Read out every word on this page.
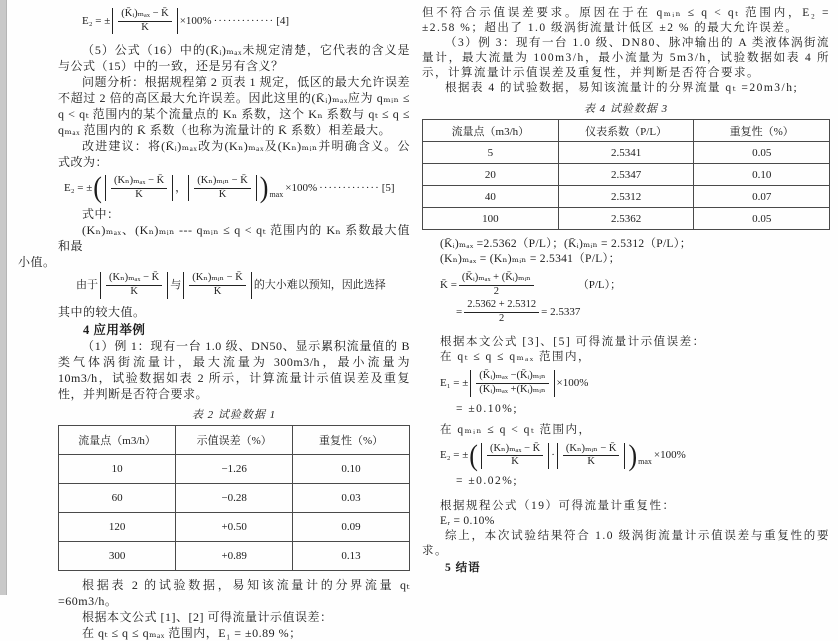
E₂ = ± $\frac{\text{(K̄ᵢ)ₘₐₓ − K̄}}{K̄} \times 100\%$ ············· [4]

（5）公式（16）中的(K̄ᵢ)ₘₐₓ未规定清楚，它代表的含义是与公式（15）中的一致，还是另有含义？

问题分析：根据规程第 2 页表 1 规定，低区的最大允许误差不超过 2 倍的高区最大允许误差。因此这里的(K̄ᵢ)ₘₐₓ应为 qₘᵢₙ ≤ q < qₜ 范围内的某个流量点的 Kₙ 系数，这个 Kₙ 系数与 qₜ ≤ q ≤ qₘₐₓ 范围内的 K̄ 系数（也称为流量计的 K̄ 系数）相差最大。

改进建议：将(K̄ᵢ)ₘₐₓ改为(Kₙ)ₘₐₓ及(Kₙ)ₘᵢₙ并明确含义。公式改为：

E₂ = ± ( $\frac{\text{(Kₙ)ₘₐₓ − K̄}}{K̄}$ ， $\frac{\text{(Kₙ)ₘᵢₙ − K̄}}{K̄}$ ) max
×100% ············· [5]

式中：

(Kₙ)ₘₐₓ、(Kₙ)ₘᵢₙ --- qₘᵢₙ ≤ q < qₜ 范围内的 Kₙ 系数最大值和最

小值。

由于 $\frac{\text{(Kₙ)ₘₐₓ − K̄}}{K̄}$ 与 $\frac{\text{(Kₙ)ₘᵢₙ − K̄}}{K̄}$ 的大小难以预知，因此选择

其中的较大值。

4 应用举例

（1）例 1：现有一台 1.0 级、DN50、显示累积流量值的 B 类气体涡街流量计，最大流量为 300m3/h，最小流量为 10m3/h，试验数据如表 2 所示，计算流量计示值误差及重复性，并判断是否符合要求。

表 2 试验数据 1
流量点（m3/h）	示值误差（%）	重复性（%）
10	−1.26	0.10
60	−0.28	0.03
120	+0.50	0.09
300	+0.89	0.13

根据表 2 的试验数据，易知该流量计的分界流量 qₜ =60m3/h。

根据本文公式 [1]、[2] 可得流量计示值误差：

在 qₜ ≤ q ≤ qₘₐₓ 范围内，E₁ = ±0.89 %；

但不符合示值误差要求。原因在于在 qₘᵢₙ ≤ q < qₜ 范围内，E₂ = ±2.58 %；超出了 1.0 级涡街流量计低区 ±2 % 的最大允许误差。

（3）例 3：现有一台 1.0 级、DN80、脉冲输出的 A 类液体涡街流量计，最大流量为 100m3/h，最小流量为 5m3/h，试验数据如表 4 所示，计算流量计示值误差及重复性，并判断是否符合要求。

根据表 4 的试验数据，易知该流量计的分界流量 qₜ =20m3/h;

表 4 试验数据 3
流量点（m3/h）	仪表系数（P/L）	重复性（%）
5	2.5341	0.05
20	2.5347	0.10
40	2.5312	0.07
100	2.5362	0.05

(K̄ᵢ)ₘₐₓ =2.5362（P/L）；(K̄ᵢ)ₘᵢₙ = 2.5312（P/L）；

(Kₙ)ₘₐₓ = (Kₙ)ₘᵢₙ = 2.5341（P/L）；

K̄ = $\frac{\text{(K̄ᵢ)ₘₐₓ + (K̄ᵢ)ₘᵢₙ}}{2}$	（P/L）；
= $\frac{2.5362 + 2.5312}{2} = 2.5337$

根据本文公式 [3]、[5] 可得流量计示值误差：

在 qₜ ≤ q ≤ qₘₐₓ 范围内，

E₁ = ± $\frac{\text{(K̄ᵢ)ₘₐₓ −(K̄ᵢ)ₘᵢₙ}}{\text{(K̄ᵢ)ₘₐₓ +(K̄ᵢ)ₘᵢₙ}} \times 100\%$

= ±0.10%;

在 qₘᵢₙ ≤ q < qₜ 范围内，

E₂ = ± ( $\frac{\text{(Kₙ)ₘₐₓ − K̄}}{K̄} \cdot \frac{\text{(Kₙ)ₘᵢₙ − K̄}}{K̄}$ ) max
×100%

= ±0.02%;

根据规程公式（19）可得流量计重复性：

Eᵣ = 0.10%

综上，本次试验结果符合 1.0 级涡街流量计示值误差与重复性的要求。

5 结语
